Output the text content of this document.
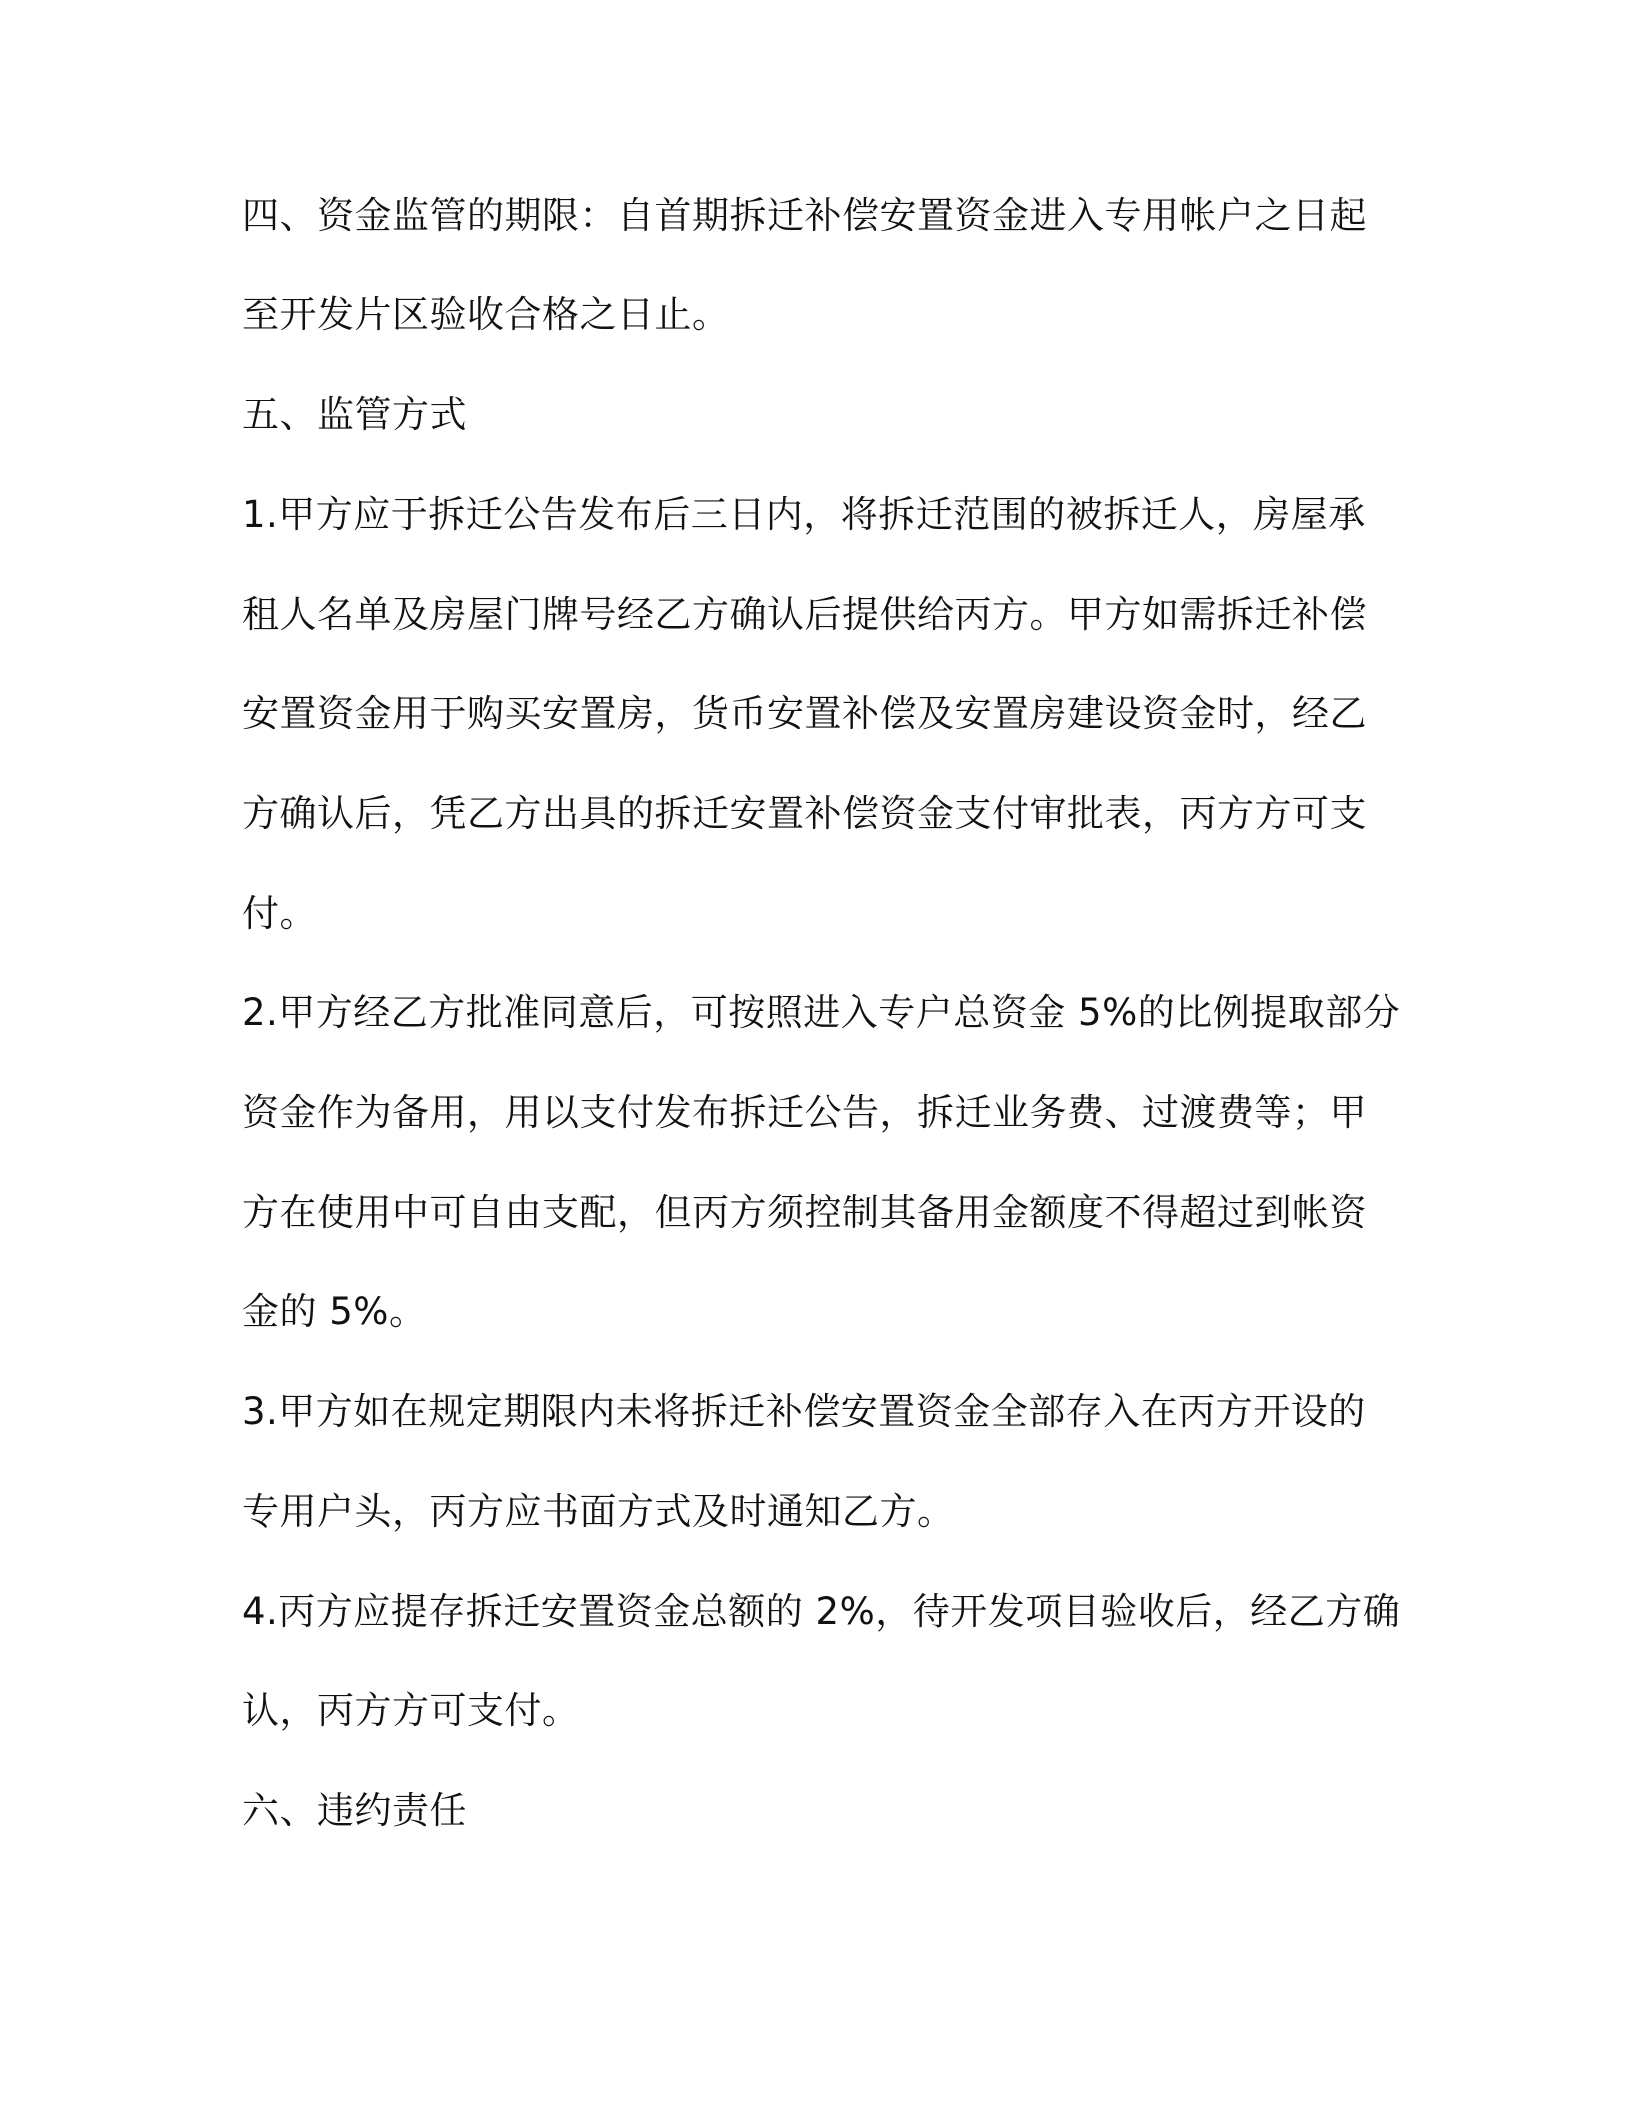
四、资金监管的期限：自首期拆迁补偿安置资金进入专用帐户之日起
至开发片区验收合格之日止。
五、监管方式
1.甲方应于拆迁公告发布后三日内，将拆迁范围的被拆迁人，房屋承
租人名单及房屋门牌号经乙方确认后提供给丙方。甲方如需拆迁补偿
安置资金用于购买安置房，货币安置补偿及安置房建设资金时，经乙
方确认后，凭乙方出具的拆迁安置补偿资金支付审批表，丙方方可支
付。
2.甲方经乙方批准同意后，可按照进入专户总资金 5%的比例提取部分
资金作为备用，用以支付发布拆迁公告，拆迁业务费、过渡费等；甲
方在使用中可自由支配，但丙方须控制其备用金额度不得超过到帐资
金的 5%。
3.甲方如在规定期限内未将拆迁补偿安置资金全部存入在丙方开设的
专用户头，丙方应书面方式及时通知乙方。
4.丙方应提存拆迁安置资金总额的 2%，待开发项目验收后，经乙方确
认，丙方方可支付。
六、违约责任
